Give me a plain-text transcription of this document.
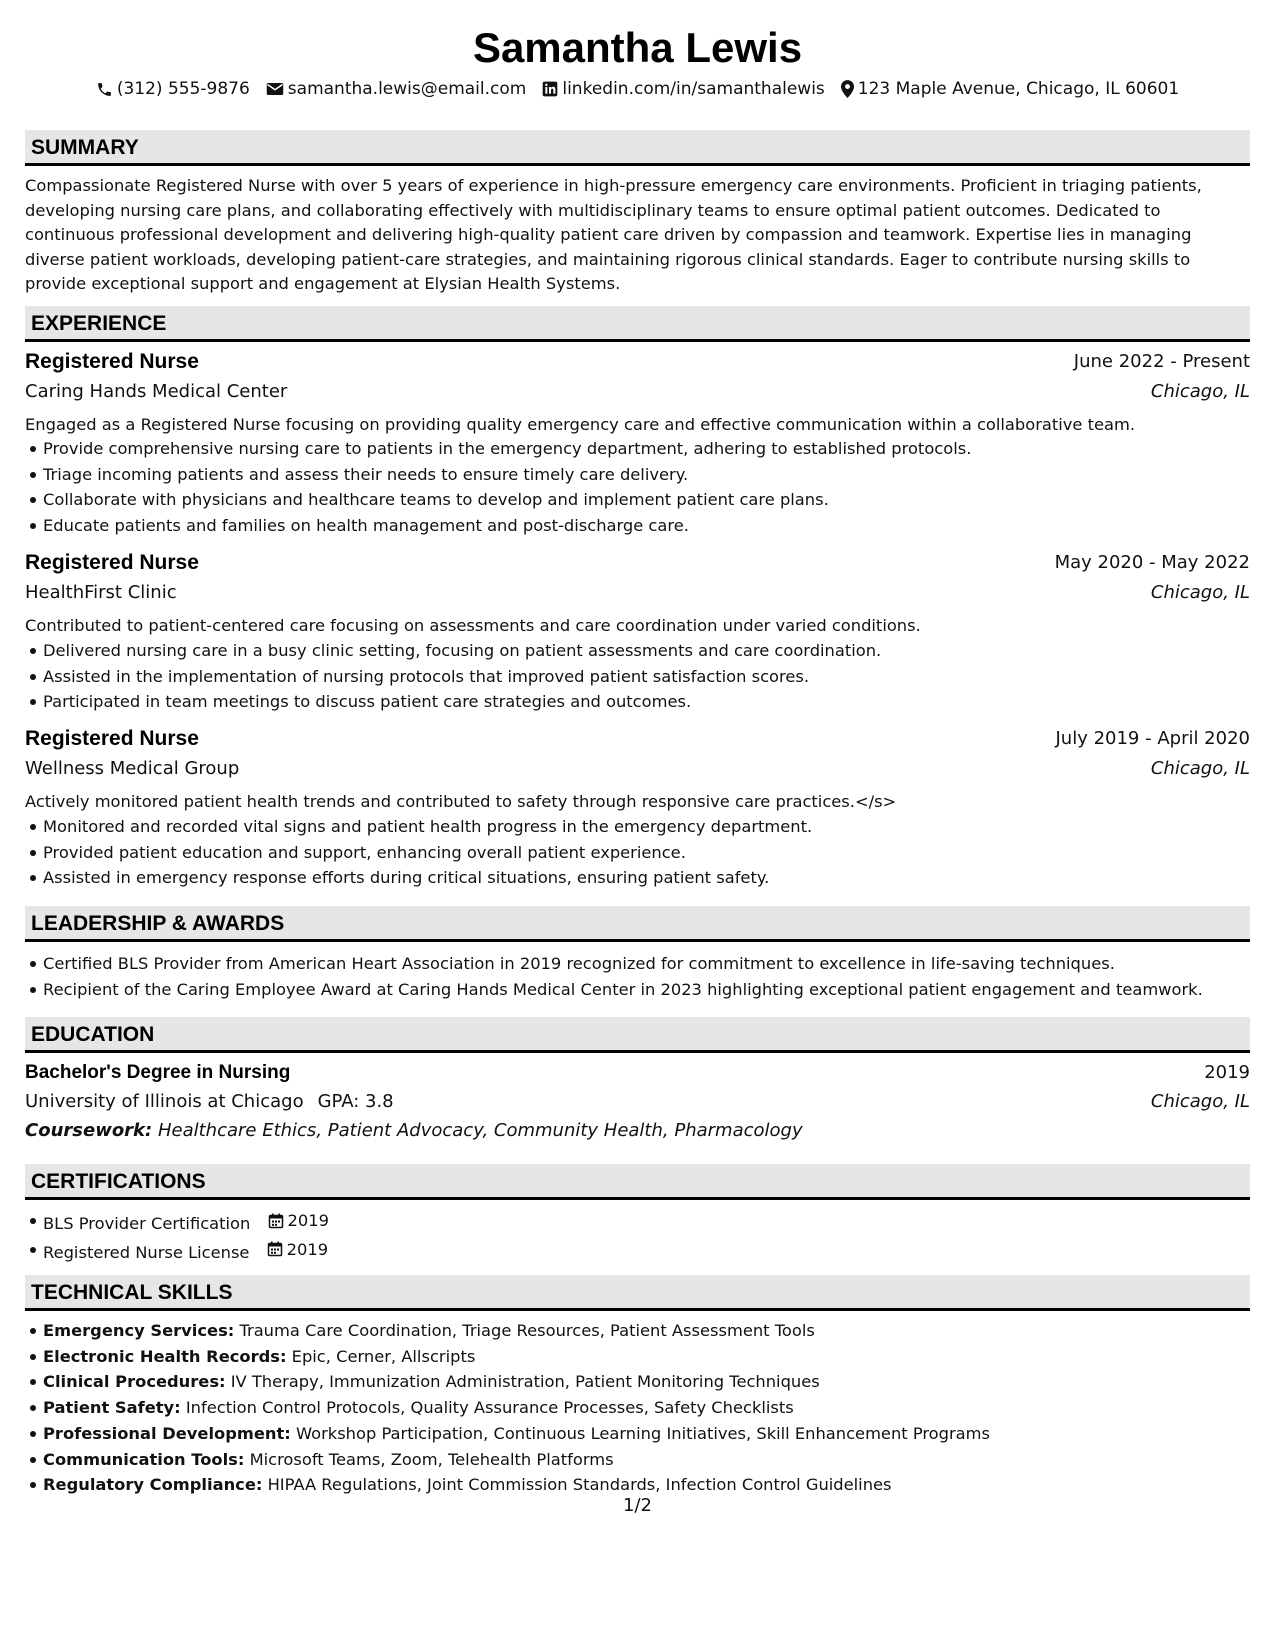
Samantha Lewis
(312) 555-9876 samantha.lewis@email.com linkedin.com/in/samanthalewis 123 Maple Avenue, Chicago, IL 60601
SUMMARY
Compassionate Registered Nurse with over 5 years of experience in high-pressure emergency care environments. Proficient in triaging patients, developing nursing care plans, and collaborating effectively with multidisciplinary teams to ensure optimal patient outcomes. Dedicated to continuous professional development and delivering high-quality patient care driven by compassion and teamwork. Expertise lies in managing diverse patient workloads, developing patient-care strategies, and maintaining rigorous clinical standards. Eager to contribute nursing skills to provide exceptional support and engagement at Elysian Health Systems.
EXPERIENCE
Registered Nurse	June 2022 - Present
Caring Hands Medical Center	Chicago, IL
Engaged as a Registered Nurse focusing on providing quality emergency care and effective communication within a collaborative team.
Provide comprehensive nursing care to patients in the emergency department, adhering to established protocols.
Triage incoming patients and assess their needs to ensure timely care delivery.
Collaborate with physicians and healthcare teams to develop and implement patient care plans.
Educate patients and families on health management and post-discharge care.
Registered Nurse	May 2020 - May 2022
HealthFirst Clinic	Chicago, IL
Contributed to patient-centered care focusing on assessments and care coordination under varied conditions.
Delivered nursing care in a busy clinic setting, focusing on patient assessments and care coordination.
Assisted in the implementation of nursing protocols that improved patient satisfaction scores.
Participated in team meetings to discuss patient care strategies and outcomes.
Registered Nurse	July 2019 - April 2020
Wellness Medical Group	Chicago, IL
Actively monitored patient health trends and contributed to safety through responsive care practices.</s>
Monitored and recorded vital signs and patient health progress in the emergency department.
Provided patient education and support, enhancing overall patient experience.
Assisted in emergency response efforts during critical situations, ensuring patient safety.
LEADERSHIP & AWARDS
Certified BLS Provider from American Heart Association in 2019 recognized for commitment to excellence in life-saving techniques.
Recipient of the Caring Employee Award at Caring Hands Medical Center in 2023 highlighting exceptional patient engagement and teamwork.
EDUCATION
Bachelor's Degree in Nursing	2019
University of Illinois at Chicago GPA: 3.8	Chicago, IL
Coursework: Healthcare Ethics, Patient Advocacy, Community Health, Pharmacology
CERTIFICATIONS
BLS Provider Certification 2019
Registered Nurse License 2019
TECHNICAL SKILLS
Emergency Services: Trauma Care Coordination, Triage Resources, Patient Assessment Tools
Electronic Health Records: Epic, Cerner, Allscripts
Clinical Procedures: IV Therapy, Immunization Administration, Patient Monitoring Techniques
Patient Safety: Infection Control Protocols, Quality Assurance Processes, Safety Checklists
Professional Development: Workshop Participation, Continuous Learning Initiatives, Skill Enhancement Programs
Communication Tools: Microsoft Teams, Zoom, Telehealth Platforms
Regulatory Compliance: HIPAA Regulations, Joint Commission Standards, Infection Control Guidelines
1/2
